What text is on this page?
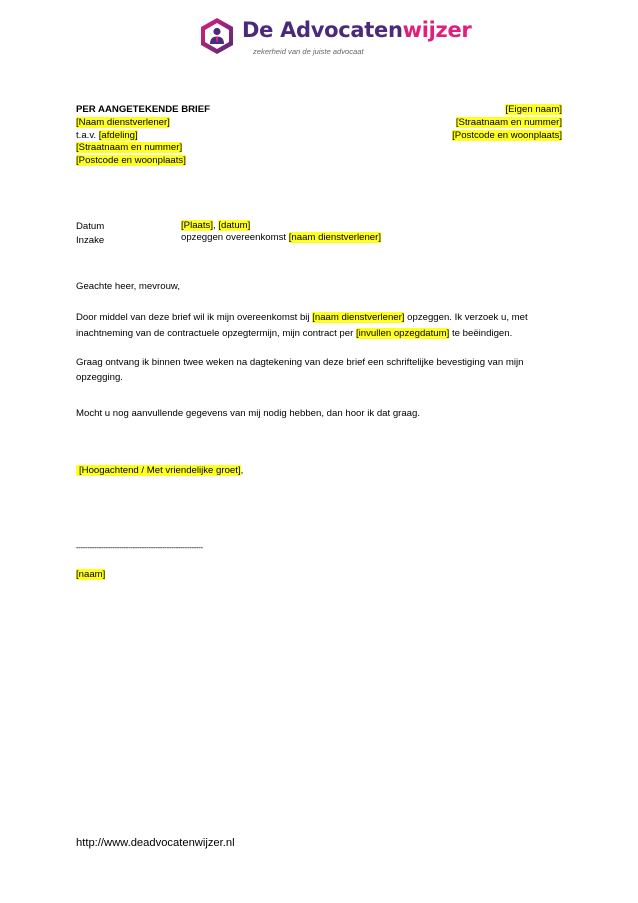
De Advocatenwijzer
zekerheid van de juiste advocaat
PER AANGETEKENDE BRIEF
[Naam dienstverlener]
t.a.v. [afdeling]
[Straatnaam en nummer]
[Postcode en woonplaats]
[Eigen naam]
[Straatnaam en nummer]
[Postcode en woonplaats]
Datum	[Plaats], [datum]
Inzake	opzeggen overeenkomst [naam dienstverlener]
Geachte heer, mevrouw,
Door middel van deze brief wil ik mijn overeenkomst bij [naam dienstverlener] opzeggen. Ik verzoek u, met
inachtneming van de contractuele opzegtermijn, mijn contract per [invullen opzegdatum] te beëindigen.
Graag ontvang ik binnen twee weken na dagtekening van deze brief een schriftelijke bevestiging van mijn
opzegging.
Mocht u nog aanvullende gegevens van mij nodig hebben, dan hoor ik dat graag.
[Hoogachtend / Met vriendelijke groet],
--------------------------------------------------------
[naam]
http://www.deadvocatenwijzer.nl
